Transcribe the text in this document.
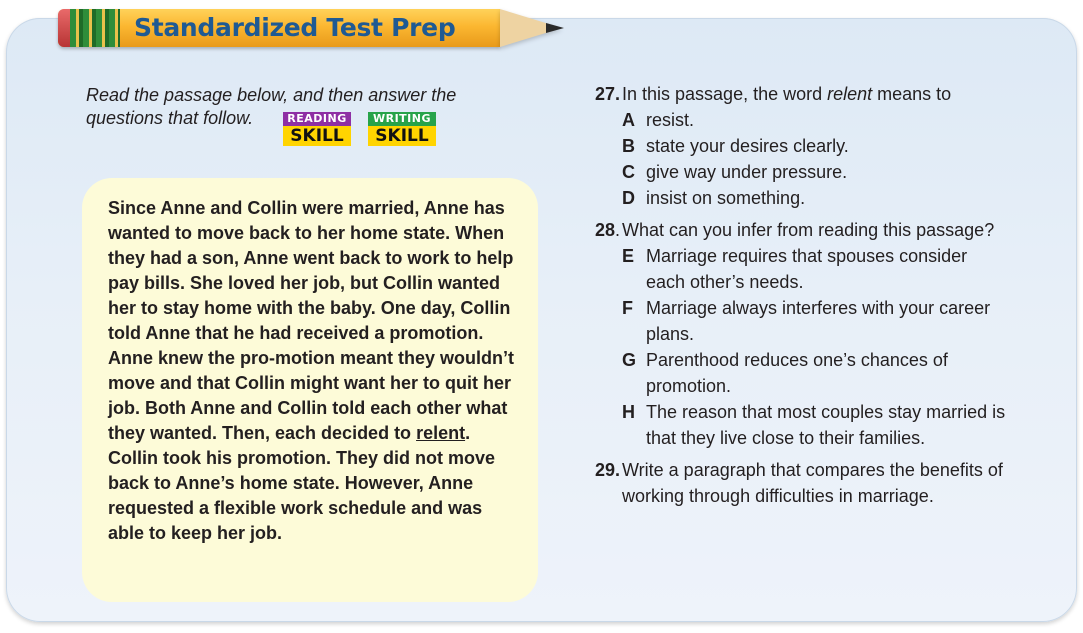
Standardized Test Prep
Read the passage below, and then answer the
questions that follow.	READING
SKILL
WRITING
SKILL
Since Anne and Collin were married, Anne has wanted to move back to her home state. When they had a son, Anne went back to work to help pay bills. She loved her job, but Collin wanted her to stay home with the baby. One day, Collin told Anne that he had received a promotion. Anne knew the pro-motion meant they wouldn’t move and that Collin might want her to quit her job. Both Anne and Collin told each other what they wanted. Then, each decided to relent. Collin took his promotion. They did not move back to Anne’s home state. However, Anne requested a flexible work schedule and was able to keep her job.
27. In this passage, the word relent means to
A resist.
B state your desires clearly.
C give way under pressure.
D insist on something.
28. What can you infer from reading this passage?
E Marriage requires that spouses consider
each other’s needs.
F Marriage always interferes with your career
plans.
G Parenthood reduces one’s chances of
promotion.
H The reason that most couples stay married is
that they live close to their families.
29. Write a paragraph that compares the benefits of
working through difficulties in marriage.
